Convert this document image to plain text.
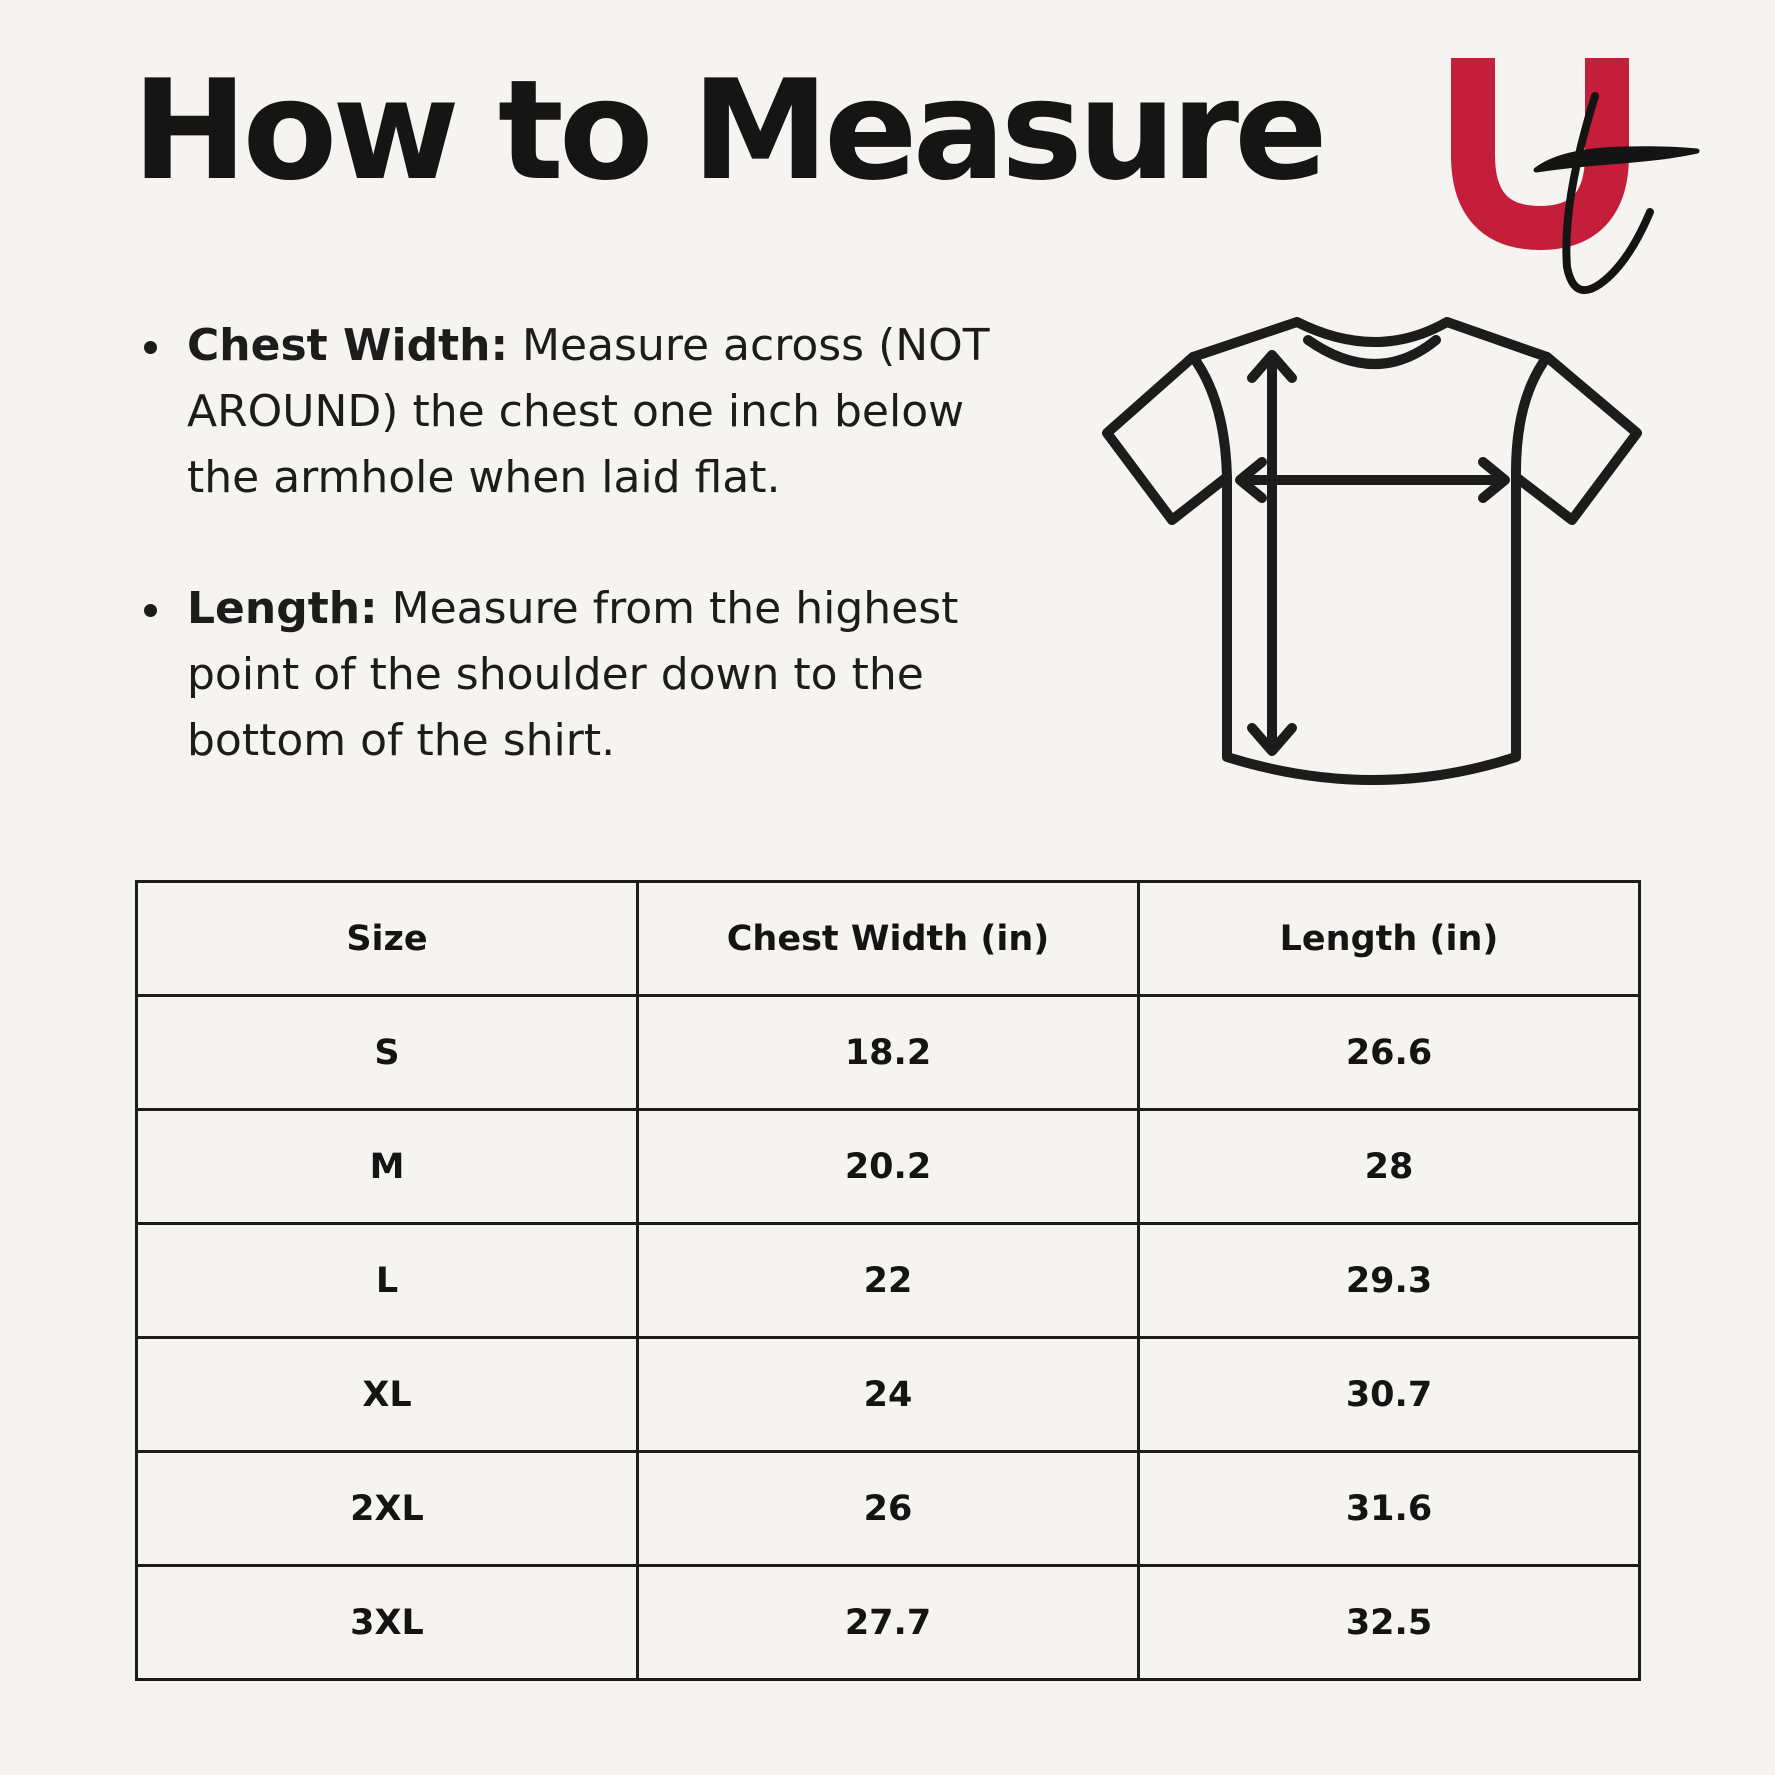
How to Measure
Chest Width: Measure across (NOT AROUND) the chest one inch below the armhole when laid flat.
Length: Measure from the highest point of the shoulder down to the bottom of the shirt.
Size	Chest Width (in)	Length (in)
S	18.2	26.6
M	20.2	28
L	22	29.3
XL	24	30.7
2XL	26	31.6
3XL	27.7	32.5
